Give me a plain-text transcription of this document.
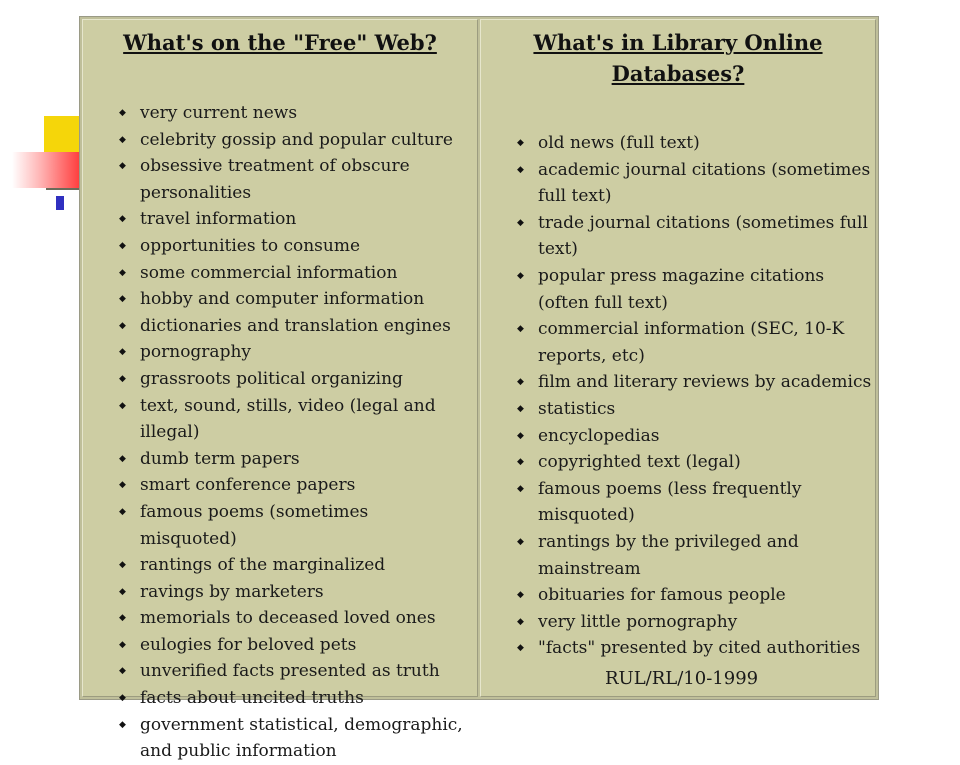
What's on the "Free" Web?
◆ very current news
◆ celebrity gossip and popular culture
◆ obsessive treatment of obscure personalities
◆ travel information
◆ opportunities to consume
◆ some commercial information
◆ hobby and computer information
◆ dictionaries and translation engines
◆ pornography
◆ grassroots political organizing
◆ text, sound, stills, video (legal and illegal)
◆ dumb term papers
◆ smart conference papers
◆ famous poems (sometimes misquoted)
◆ rantings of the marginalized
◆ ravings by marketers
◆ memorials to deceased loved ones
◆ eulogies for beloved pets
◆ unverified facts presented as truth
◆ facts about uncited truths
◆ government statistical, demographic, and public information
What's in Library Online Databases?
◆ old news (full text)
◆ academic journal citations (sometimes full text)
◆ trade journal citations (sometimes full text)
◆ popular press magazine citations (often full text)
◆ commercial information (SEC, 10-K reports, etc)
◆ film and literary reviews by academics
◆ statistics
◆ encyclopedias
◆ copyrighted text (legal)
◆ famous poems (less frequently misquoted)
◆ rantings by the privileged and mainstream
◆ obituaries for famous people
◆ very little pornography
◆ "facts" presented by cited authorities
RUL/RL/10-1999
